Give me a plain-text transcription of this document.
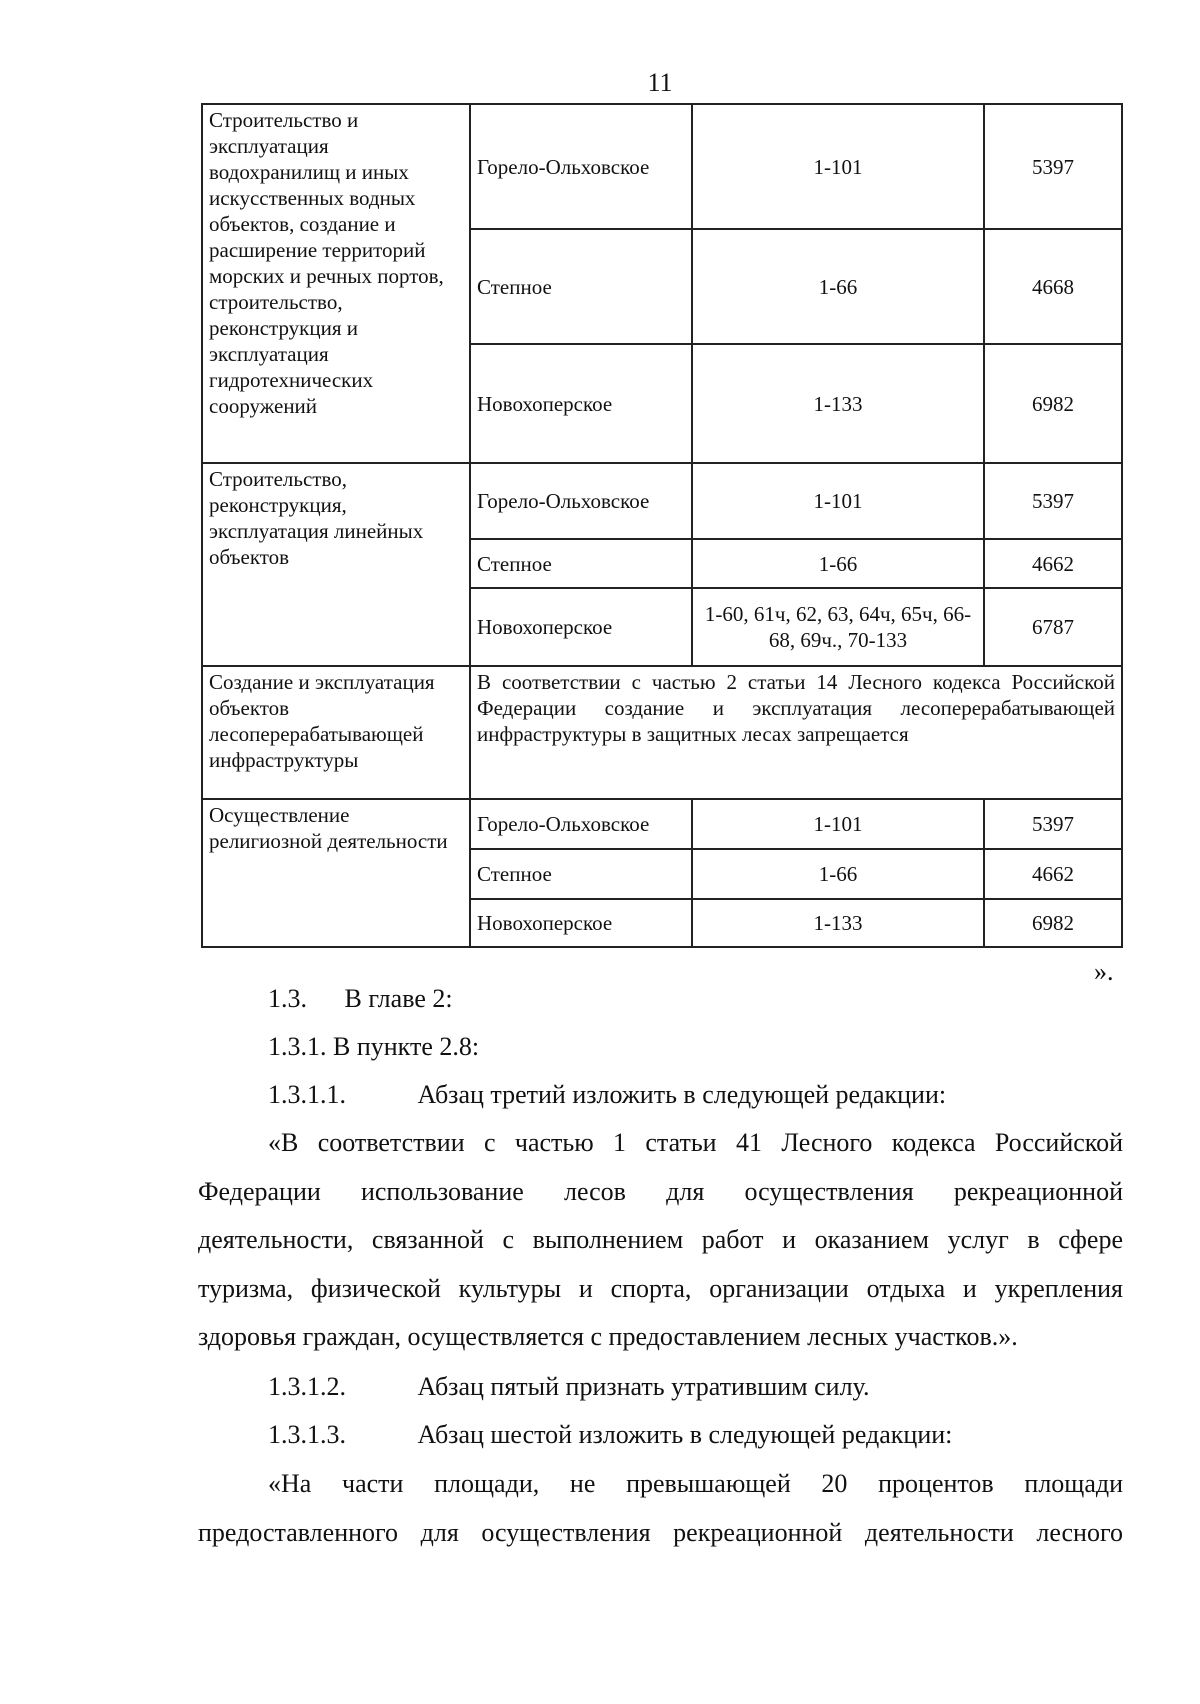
11
Строительство и эксплуатация водохранилищ и иных искусственных водных объектов, создание и расширение территорий морских и речных портов, строительство, реконструкция и эксплуатация гидротехнических сооружений	Горело-Ольховское	1-101	5397
	Степное	1-66	4668
	Новохоперское	1-133	6982
Строительство, реконструкция, эксплуатация линейных объектов	Горело-Ольховское	1-101	5397
	Степное	1-66	4662
	Новохоперское	1-60, 61ч, 62, 63, 64ч, 65ч, 66-68, 69ч., 70-133	6787
Создание и эксплуатация объектов лесоперерабатывающей инфраструктуры	В соответствии с частью 2 статьи 14 Лесного кодекса Российской Федерации создание и эксплуатация лесоперерабатывающей инфраструктуры в защитных лесах запрещается		
Осуществление религиозной деятельности	Горело-Ольховское	1-101	5397
	Степное	1-66	4662
	Новохоперское	1-133	6982
».
1.3. В главе 2:
1.3.1. В пункте 2.8:
1.3.1.1.	Абзац третий изложить в следующей редакции:
«В соответствии с частью 1 статьи 41 Лесного кодекса Российской
Федерации использование лесов для осуществления рекреационной
деятельности, связанной с выполнением работ и оказанием услуг в сфере
туризма, физической культуры и спорта, организации отдыха и укрепления
здоровья граждан, осуществляется с предоставлением лесных участков.».
1.3.1.2.	Абзац пятый признать утратившим силу.
1.3.1.3.	Абзац шестой изложить в следующей редакции:
«На части площади, не превышающей 20 процентов площади
предоставленного для осуществления рекреационной деятельности лесного
